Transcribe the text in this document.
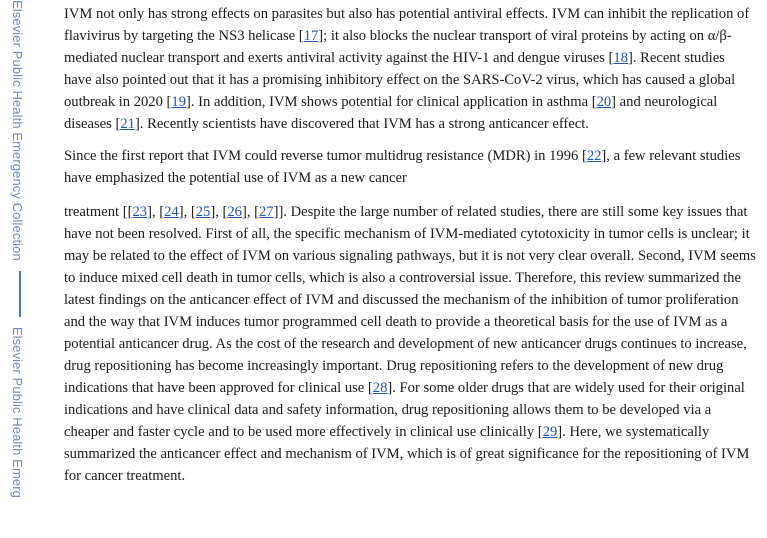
Elsevier Public Health Emergency CollectionElsevier Public Health Emerg

IVM not only has strong effects on parasites but also has potential antiviral effects. IVM can inhibit the replication of flavivirus by targeting the NS3 helicase [17]; it also blocks the nuclear transport of viral proteins by acting on α/β-mediated nuclear transport and exerts antiviral activity against the HIV-1 and dengue viruses [18]. Recent studies have also pointed out that it has a promising inhibitory effect on the SARS-CoV-2 virus, which has caused a global outbreak in 2020 [19]. In addition, IVM shows potential for clinical application in asthma [20] and neurological diseases [21]. Recently scientists have discovered that IVM has a strong anticancer effect.

Since the first report that IVM could reverse tumor multidrug resistance (MDR) in 1996 [22], a few relevant studies have emphasized the potential use of IVM as a new cancer

treatment [[23], [24], [25], [26], [27]]. Despite the large number of related studies, there are still some key issues that have not been resolved. First of all, the specific mechanism of IVM-mediated cytotoxicity in tumor cells is unclear; it may be related to the effect of IVM on various signaling pathways, but it is not very clear overall. Second, IVM seems to induce mixed cell death in tumor cells, which is also a controversial issue. Therefore, this review summarized the latest findings on the anticancer effect of IVM and discussed the mechanism of the inhibition of tumor proliferation and the way that IVM induces tumor programmed cell death to provide a theoretical basis for the use of IVM as a potential anticancer drug. As the cost of the research and development of new anticancer drugs continues to increase, drug repositioning has become increasingly important. Drug repositioning refers to the development of new drug indications that have been approved for clinical use [28]. For some older drugs that are widely used for their original indications and have clinical data and safety information, drug repositioning allows them to be developed via a cheaper and faster cycle and to be used more effectively in clinical use clinically [29]. Here, we systematically summarized the anticancer effect and mechanism of IVM, which is of great significance for the repositioning of IVM for cancer treatment.
